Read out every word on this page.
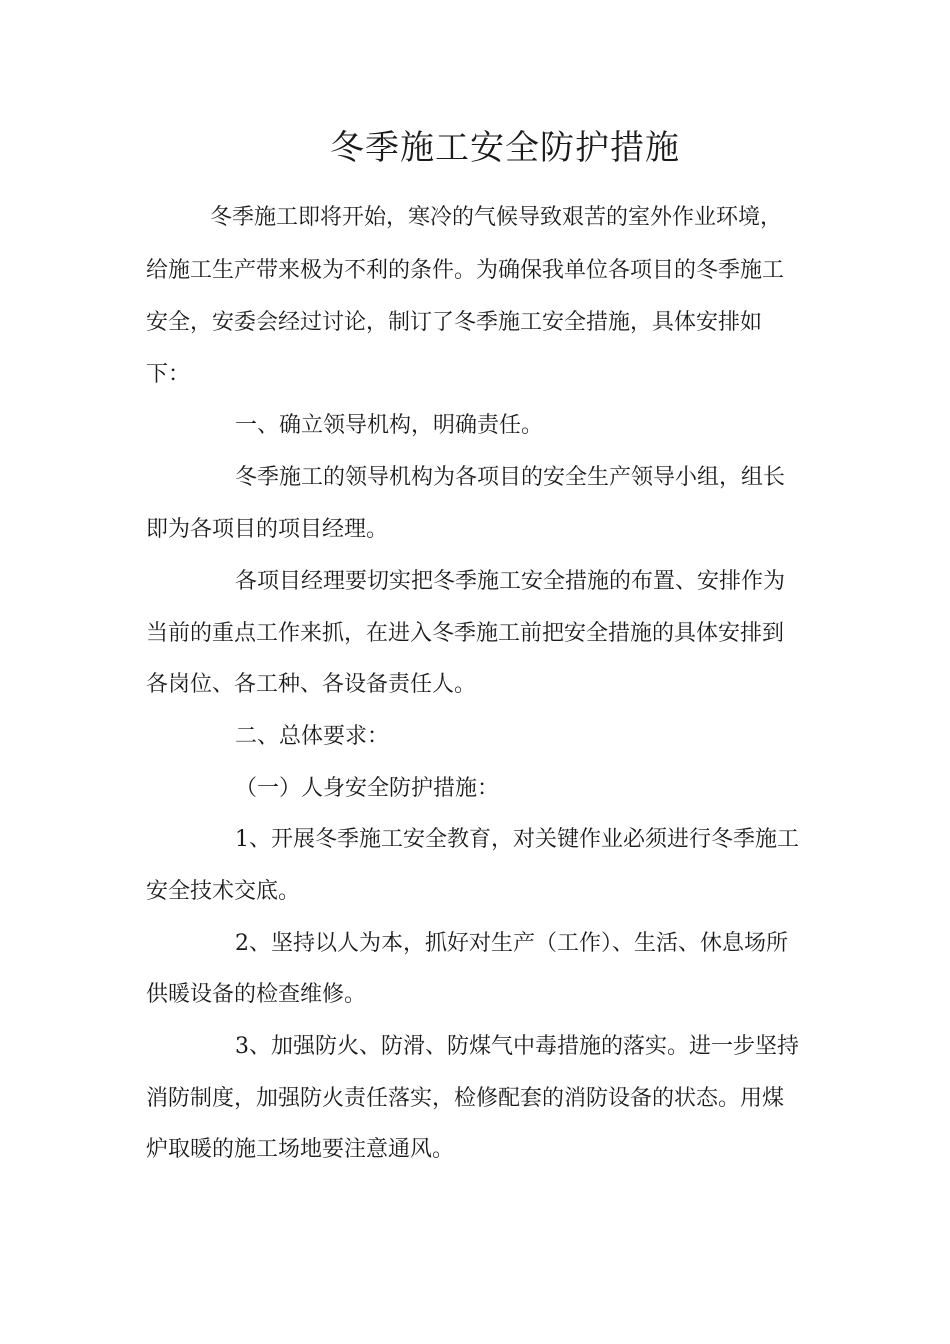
冬季施工安全防护措施
冬季施工即将开始，寒冷的气候导致艰苦的室外作业环境，
给施工生产带来极为不利的条件。为确保我单位各项目的冬季施工
安全，安委会经过讨论，制订了冬季施工安全措施，具体安排如
下：
一、确立领导机构，明确责任。
冬季施工的领导机构为各项目的安全生产领导小组，组长
即为各项目的项目经理。
各项目经理要切实把冬季施工安全措施的布置、安排作为
当前的重点工作来抓，在进入冬季施工前把安全措施的具体安排到
各岗位、各工种、各设备责任人。
二、总体要求：
（一）人身安全防护措施：
1、开展冬季施工安全教育，对关键作业必须进行冬季施工
安全技术交底。
2、坚持以人为本，抓好对生产（工作）、生活、休息场所
供暖设备的检查维修。
3、加强防火、防滑、防煤气中毒措施的落实。进一步坚持
消防制度，加强防火责任落实，检修配套的消防设备的状态。用煤
炉取暖的施工场地要注意通风。
